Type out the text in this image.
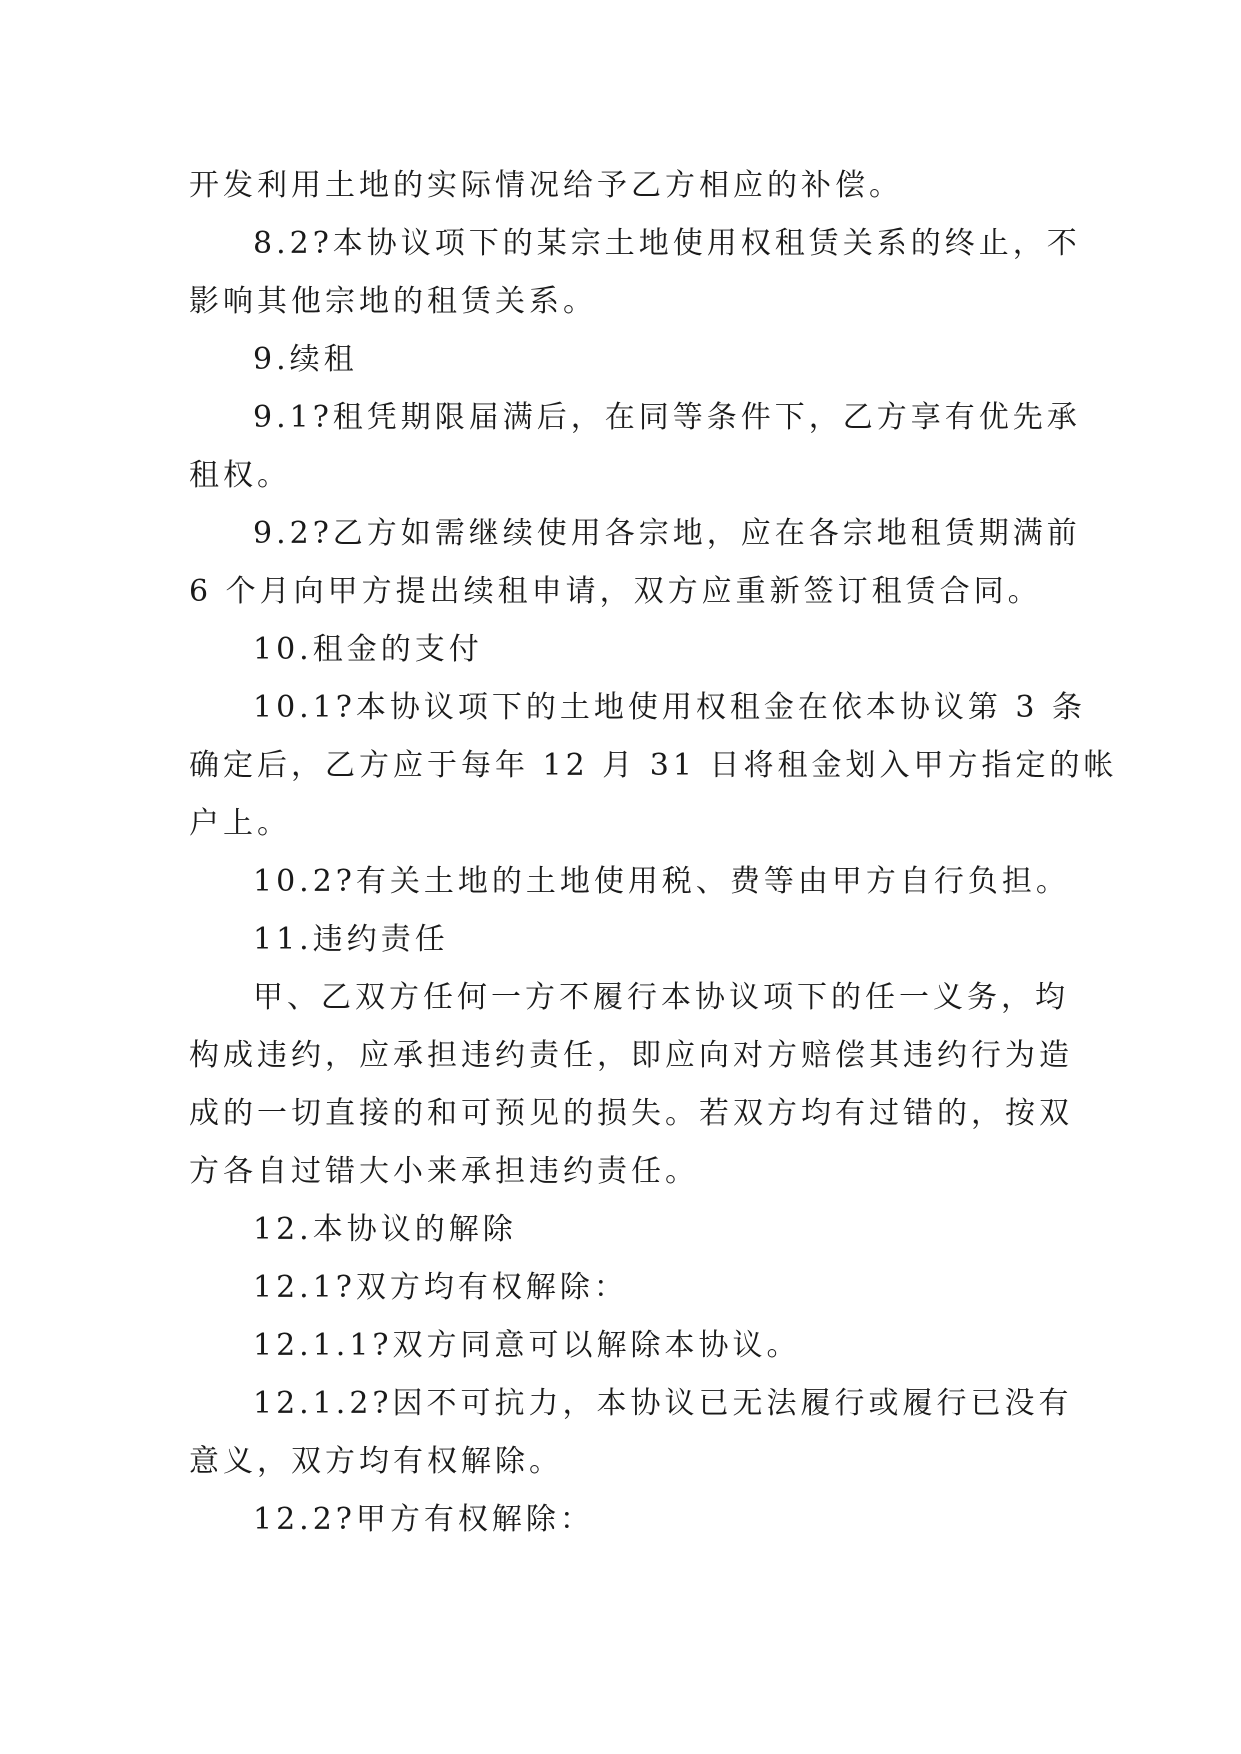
开发利用土地的实际情况给予乙方相应的补偿。
8.2?本协议项下的某宗土地使用权租赁关系的终止，不
影响其他宗地的租赁关系。
9.续租
9.1?租凭期限届满后，在同等条件下，乙方享有优先承
租权。
9.2?乙方如需继续使用各宗地，应在各宗地租赁期满前
6 个月向甲方提出续租申请，双方应重新签订租赁合同。
10.租金的支付
10.1?本协议项下的土地使用权租金在依本协议第 3 条
确定后，乙方应于每年 12 月 31 日将租金划入甲方指定的帐
户上。
10.2?有关土地的土地使用税、费等由甲方自行负担。
11.违约责任
甲、乙双方任何一方不履行本协议项下的任一义务，均
构成违约，应承担违约责任，即应向对方赔偿其违约行为造
成的一切直接的和可预见的损失。若双方均有过错的，按双
方各自过错大小来承担违约责任。
12.本协议的解除
12.1?双方均有权解除：
12.1.1?双方同意可以解除本协议。
12.1.2?因不可抗力，本协议已无法履行或履行已没有
意义，双方均有权解除。
12.2?甲方有权解除：
